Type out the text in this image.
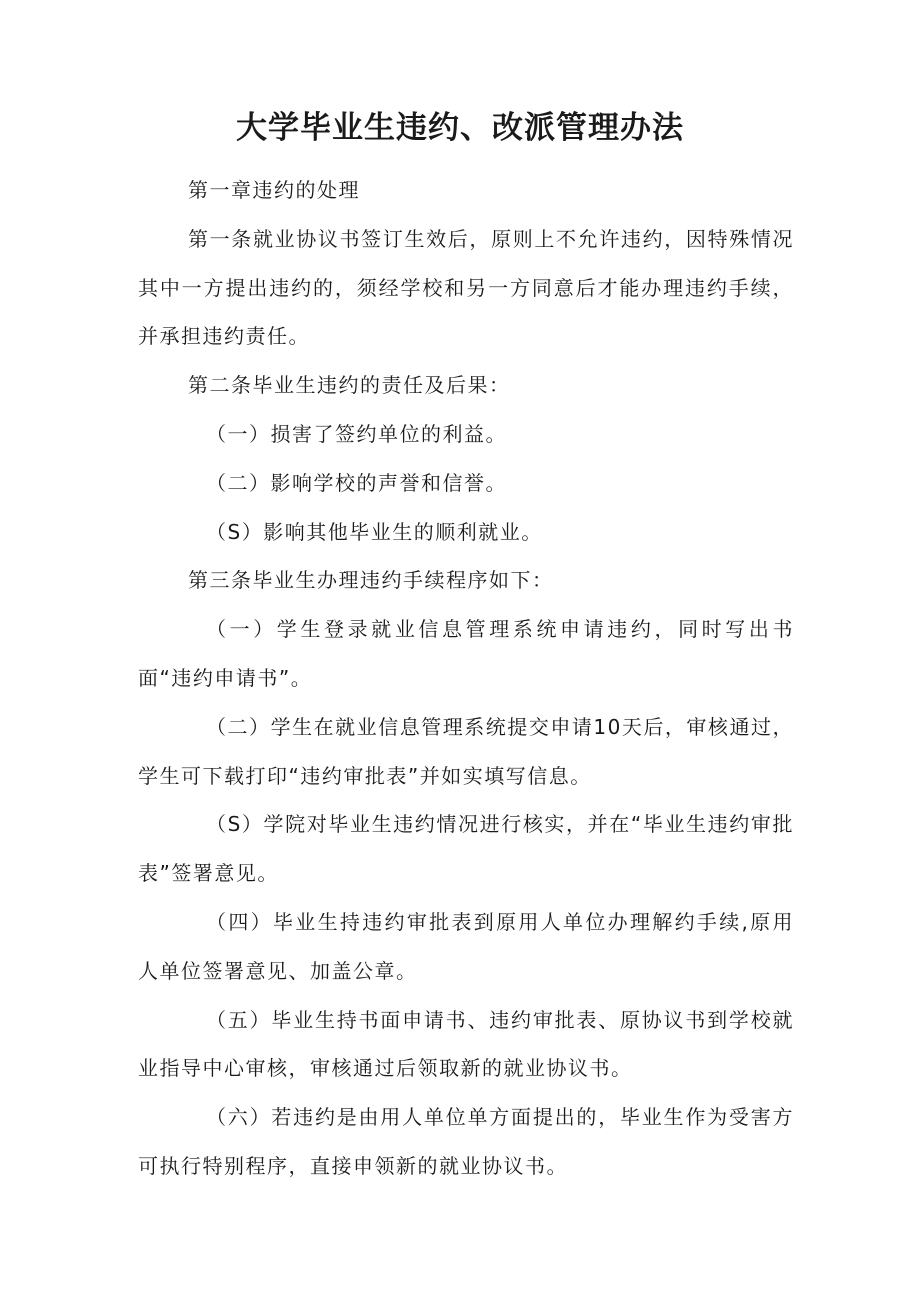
大学毕业生违约、改派管理办法

第一章违约的处理

第一条就业协议书签订生效后，原则上不允许违约，因特殊情况其中一方提出违约的，须经学校和另一方同意后才能办理违约手续，并承担违约责任。

第二条毕业生违约的责任及后果：

（一）损害了签约单位的利益。

（二）影响学校的声誉和信誉。

（S）影响其他毕业生的顺利就业。

第三条毕业生办理违约手续程序如下：

（一）学生登录就业信息管理系统申请违约，同时写出书面“违约申请书”。

（二）学生在就业信息管理系统提交申请10天后，审核通过，学生可下载打印“违约审批表”并如实填写信息。

（S）学院对毕业生违约情况进行核实，并在“毕业生违约审批表”签署意见。

（四）毕业生持违约审批表到原用人单位办理解约手续,原用人单位签署意见、加盖公章。

（五）毕业生持书面申请书、违约审批表、原协议书到学校就业指导中心审核，审核通过后领取新的就业协议书。

（六）若违约是由用人单位单方面提出的，毕业生作为受害方可执行特别程序，直接申领新的就业协议书。
